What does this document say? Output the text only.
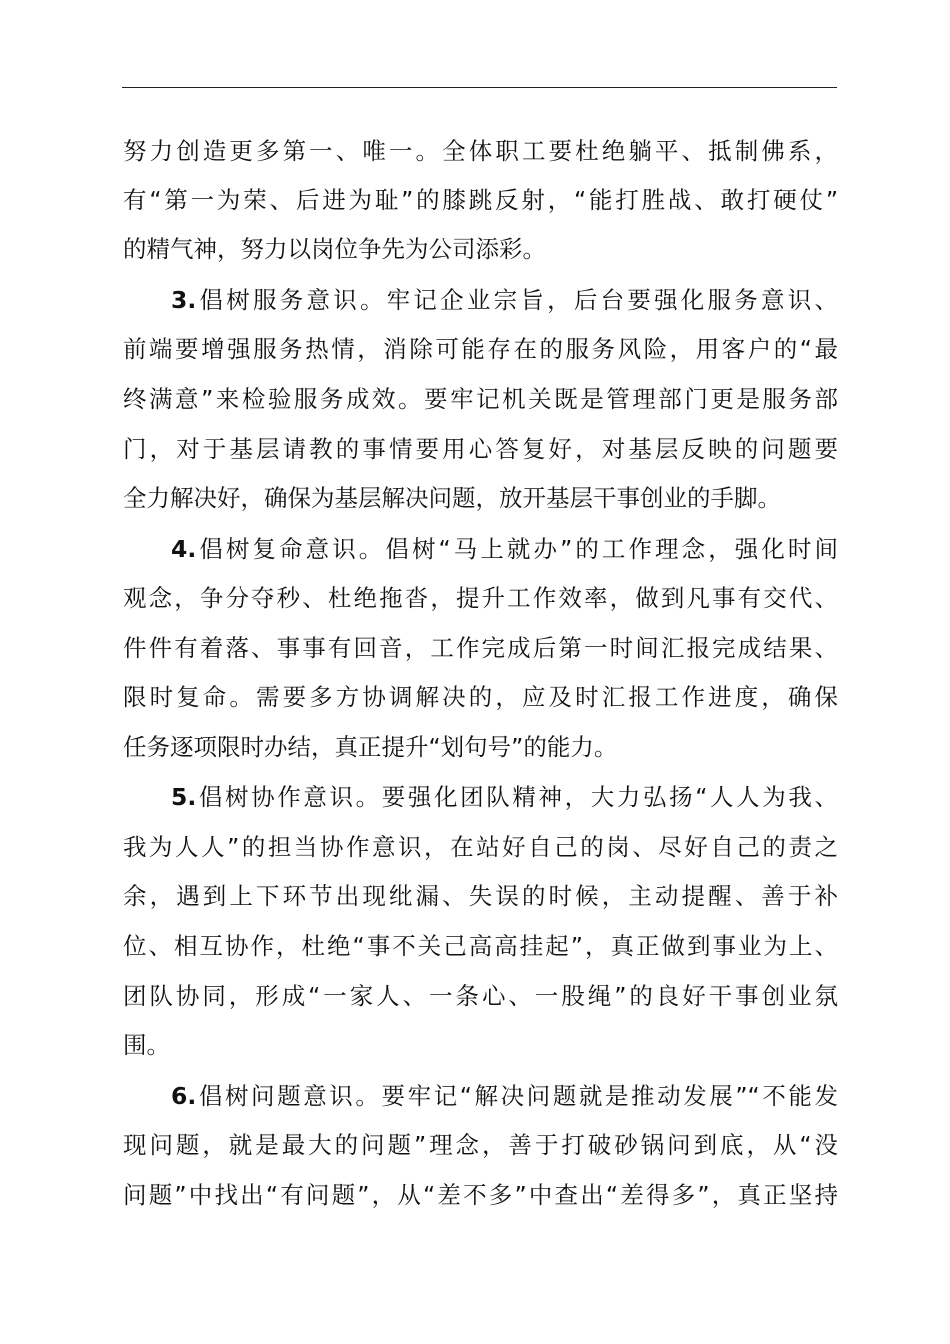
努力创造更多第一、唯一。全体职工要杜绝躺平、抵制佛系，
有“第一为荣、后进为耻”的膝跳反射，“能打胜战、敢打硬仗”
的精气神，努力以岗位争先为公司添彩。
3.倡树服务意识。牢记企业宗旨，后台要强化服务意识、
前端要增强服务热情，消除可能存在的服务风险，用客户的“最
终满意”来检验服务成效。要牢记机关既是管理部门更是服务部
门，对于基层请教的事情要用心答复好，对基层反映的问题要
全力解决好，确保为基层解决问题，放开基层干事创业的手脚。
4.倡树复命意识。倡树“马上就办”的工作理念，强化时间
观念，争分夺秒、杜绝拖沓，提升工作效率，做到凡事有交代、
件件有着落、事事有回音，工作完成后第一时间汇报完成结果、
限时复命。需要多方协调解决的，应及时汇报工作进度，确保
任务逐项限时办结，真正提升“划句号”的能力。
5.倡树协作意识。要强化团队精神，大力弘扬“人人为我、
我为人人”的担当协作意识，在站好自己的岗、尽好自己的责之
余，遇到上下环节出现纰漏、失误的时候，主动提醒、善于补
位、相互协作，杜绝“事不关己高高挂起”，真正做到事业为上、
团队协同，形成“一家人、一条心、一股绳”的良好干事创业氛
围。
6.倡树问题意识。要牢记“解决问题就是推动发展”“不能发
现问题，就是最大的问题”理念，善于打破砂锅问到底，从“没
问题”中找出“有问题”，从“差不多”中查出“差得多”，真正坚持
